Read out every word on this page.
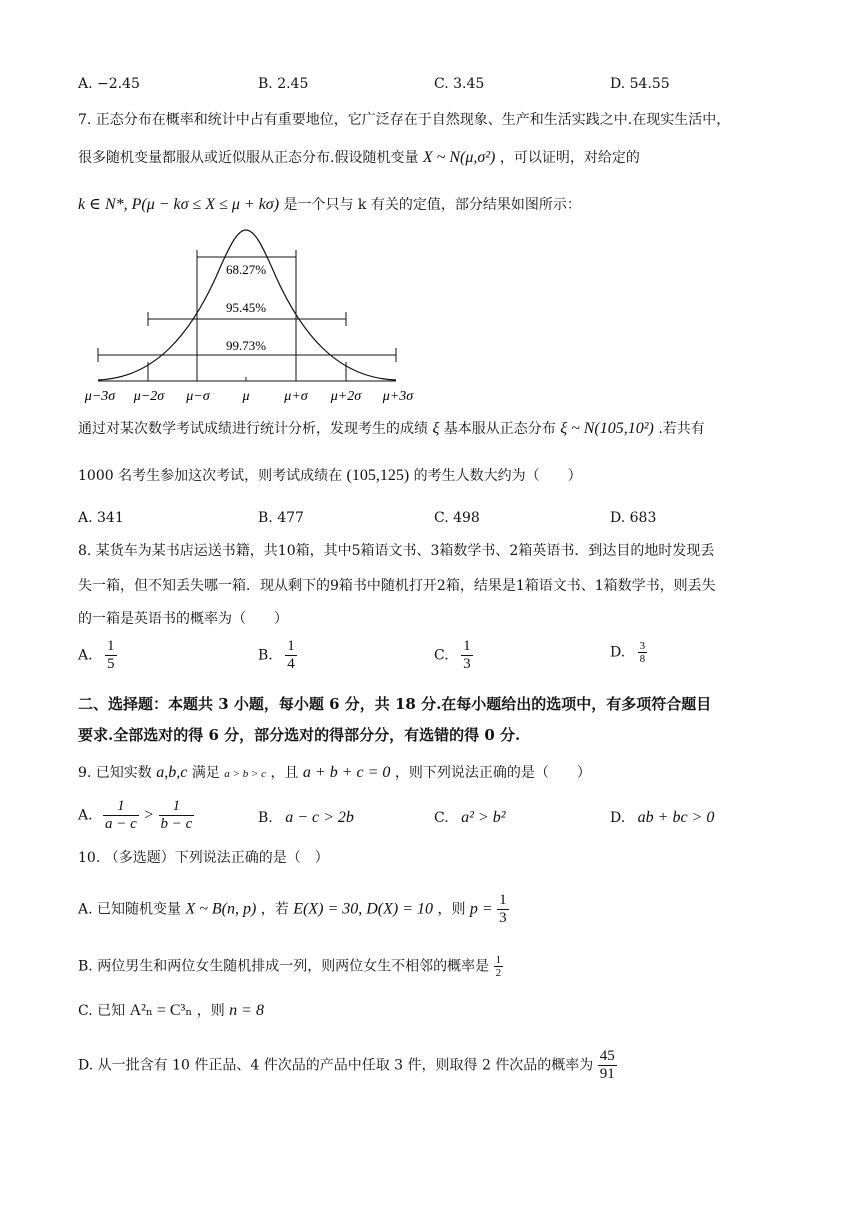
A. −2.45	B. 2.45	C. 3.45	D. 54.55
7. 正态分布在概率和统计中占有重要地位，它广泛存在于自然现象、生产和生活实践之中.在现实生活中，
很多随机变量都服从或近似服从正态分布.假设随机变量 X ~ N(μ,σ²) ，可以证明，对给定的
k ∈ N*, P(μ − kσ ≤ X ≤ μ + kσ) 是一个只与 k 有关的定值，部分结果如图所示：
68.27%
95.45%
99.73%
μ−3σ μ−2σ μ−σ μ μ+σ μ+2σ μ+3σ
通过对某次数学考试成绩进行统计分析，发现考生的成绩 ξ 基本服从正态分布 ξ ~ N(105,10²) .若共有
1000 名考生参加这次考试，则考试成绩在 (105,125) 的考生人数大约为（　　）
A. 341	B. 477	C. 498	D. 683
8. 某货车为某书店运送书籍，共10箱，其中5箱语文书、3箱数学书、2箱英语书．到达目的地时发现丢
失一箱，但不知丢失哪一箱．现从剩下的9箱书中随机打开2箱，结果是1箱语文书、1箱数学书，则丢失
的一箱是英语书的概率为（　　）
A. $\frac{1}{5}$	B. $\frac{1}{4}$	C. $\frac{1}{3}$	D. $\frac{3}{8}$
二、选择题：本题共 3 小题，每小题 6 分，共 18 分.在每小题给出的选项中，有多项符合题目
要求.全部选对的得 6 分，部分选对的得部分分，有选错的得 0 分.
9. 已知实数 a,b,c 满足 a > b > c ，且 a + b + c = 0 ，则下列说法正确的是（　　）
A. $\frac{1}{a - c} > \frac{1}{b - c}$	B. a − c > 2b	C. a² > b²	D. ab + bc > 0
10. （多选题）下列说法正确的是（　）
A. 已知随机变量 X ~ B(n, p) ，若 E(X) = 30, D(X) = 10 ，则 $p = \frac{1}{3}$
B. 两位男生和两位女生随机排成一列，则两位女生不相邻的概率是 $\frac{1}{2}$
C. 已知 A²ₙ = C³ₙ ，则 n = 8
D. 从一批含有 10 件正品、4 件次品的产品中任取 3 件，则取得 2 件次品的概率为 $\frac{45}{91}$
